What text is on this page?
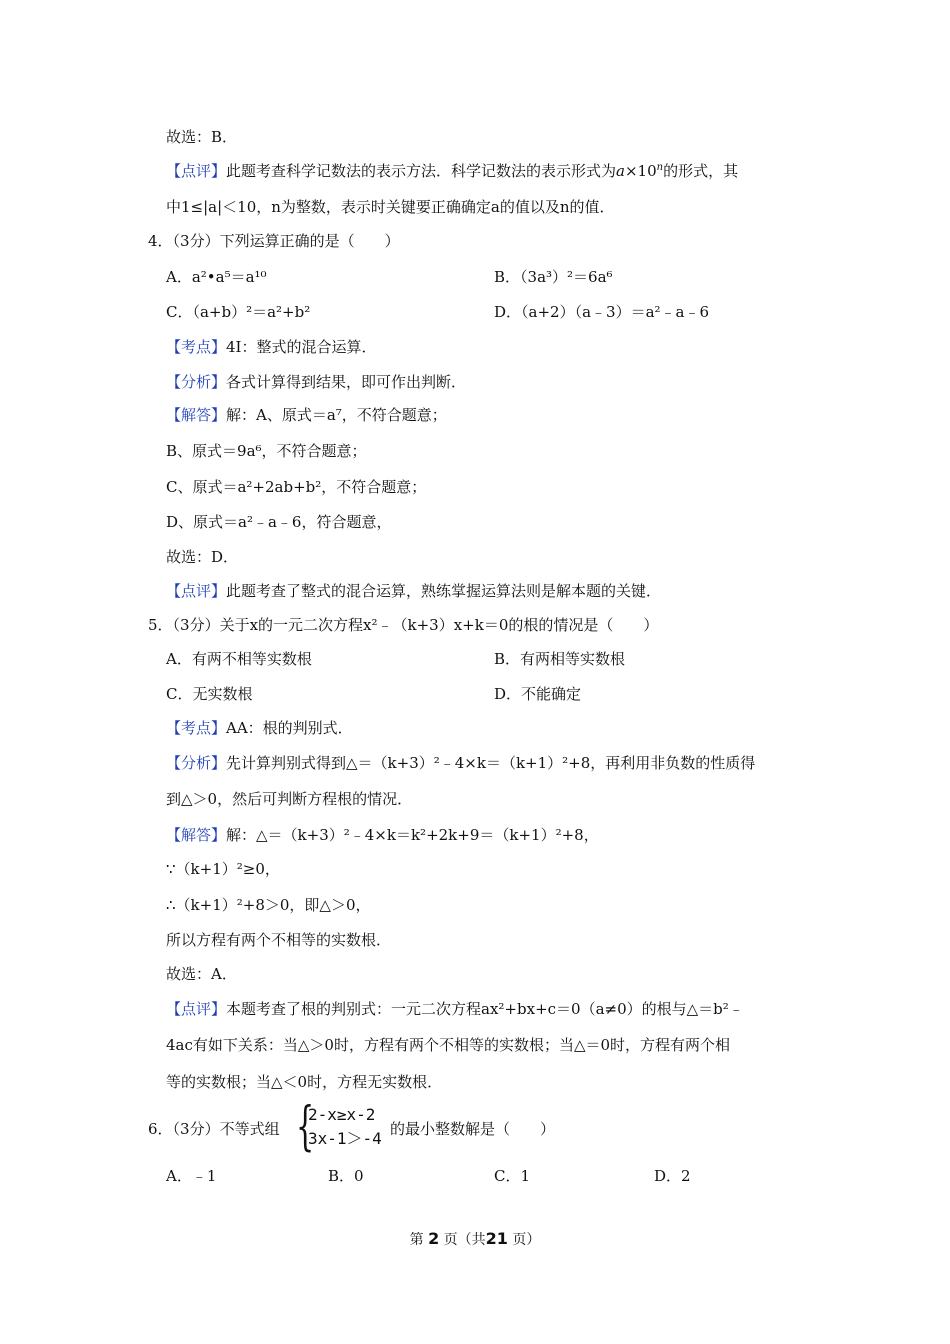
故选：B．
【点评】此题考查科学记数法的表示方法．科学记数法的表示形式为$a\times 10^n$的形式，其
中1≤|a|＜10，n为整数，表示时关键要正确确定a的值以及n的值．
4．（3分）下列运算正确的是（　　）
A．a²•a⁵＝a¹⁰	B．（3a³）²＝6a⁶
C．（a+b）²＝a²+b²	D．（a+2）（a﹣3）＝a²﹣a﹣6
【考点】4I：整式的混合运算．
【分析】各式计算得到结果，即可作出判断．
【解答】解：A、原式＝a⁷，不符合题意；
B、原式＝9a⁶，不符合题意；
C、原式＝a²+2ab+b²，不符合题意；
D、原式＝a²﹣a﹣6，符合题意，
故选：D．
【点评】此题考查了整式的混合运算，熟练掌握运算法则是解本题的关键．
5．（3分）关于x的一元二次方程x²﹣（k+3）x+k＝0的根的情况是（　　）
A．有两不相等实数根	B．有两相等实数根
C．无实数根	D．不能确定
【考点】AA：根的判别式．
【分析】先计算判别式得到△＝（k+3）²﹣4×k＝（k+1）²+8，再利用非负数的性质得
到△＞0，然后可判断方程根的情况．
【解答】解：△＝（k+3）²﹣4×k＝k²+2k+9＝（k+1）²+8，
∵（k+1）²≥0，
∴（k+1）²+8＞0，即△＞0，
所以方程有两个不相等的实数根．
故选：A．
【点评】本题考查了根的判别式：一元二次方程ax²+bx+c＝0（a≠0）的根与△＝b²﹣
4ac有如下关系：当△＞0时，方程有两个不相等的实数根；当△＝0时，方程有两个相
等的实数根；当△＜0时，方程无实数根．
6．（3分）不等式组 {
2-x≥x-2
3x-1＞-4 的最小整数解是（　　）
A．﹣1	B．0	C．1	D．2
第 2 页（共21 页）
